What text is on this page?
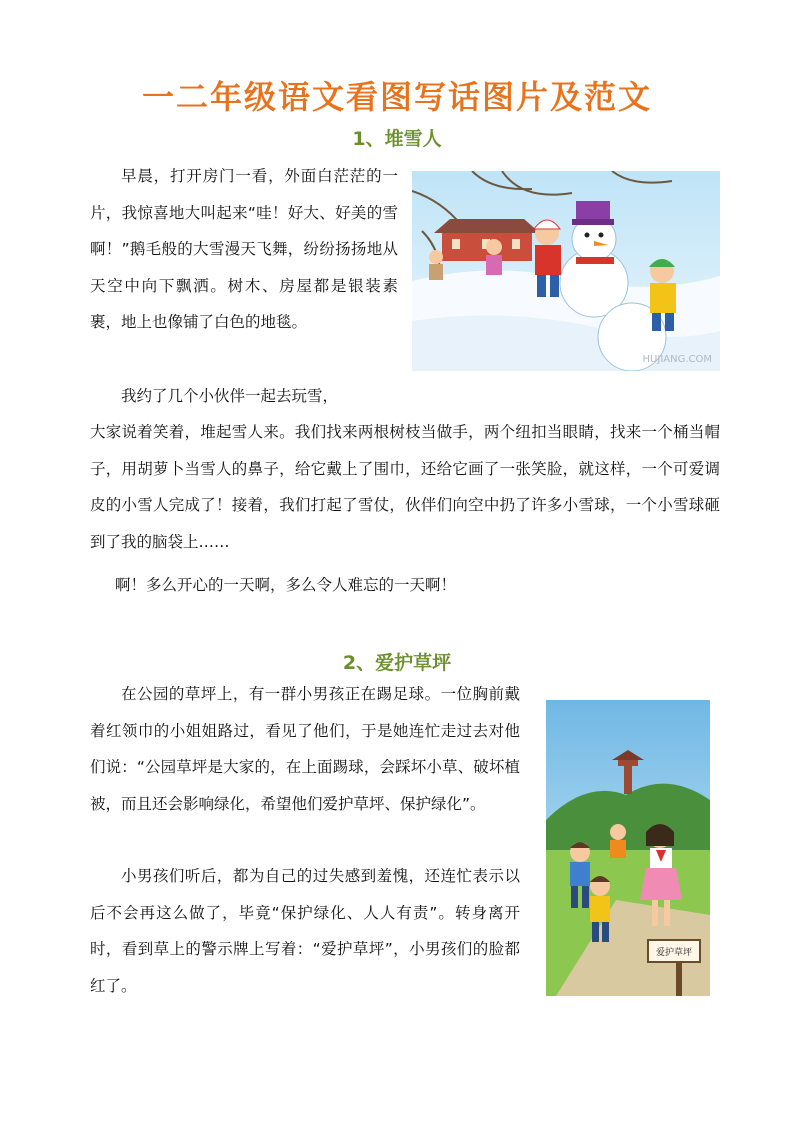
一二年级语文看图写话图片及范文
1、堆雪人
HUJIANG.COM

早晨，打开房门一看，外面白茫茫的一片，我惊喜地大叫起来“哇！好大、好美的雪啊！”鹅毛般的大雪漫天飞舞，纷纷扬扬地从天空中向下飘洒。树木、房屋都是银装素裹，地上也像铺了白色的地毯。

我约了几个小伙伴一起去玩雪，

大家说着笑着，堆起雪人来。我们找来两根树枝当做手，两个纽扣当眼睛，找来一个桶当帽子，用胡萝卜当雪人的鼻子，给它戴上了围巾，还给它画了一张笑脸，就这样，一个可爱调皮的小雪人完成了！接着，我们打起了雪仗，伙伴们向空中扔了许多小雪球，一个小雪球砸到了我的脑袋上……

啊！多么开心的一天啊，多么令人难忘的一天啊！

2、爱护草坪

在公园的草坪上，有一群小男孩正在踢足球。一位胸前戴着红领巾的小姐姐路过，看见了他们，于是她连忙走过去对他们说：“公园草坪是大家的，在上面踢球，会踩坏小草、破坏植被，而且还会影响绿化，希望他们爱护草坪、保护绿化”。

小男孩们听后，都为自己的过失感到羞愧，还连忙表示以后不会再这么做了，毕竟“保护绿化、人人有责”。转身离开时，看到草上的警示牌上写着：“爱护草坪”，小男孩们的脸都红了。

爱护草坪
